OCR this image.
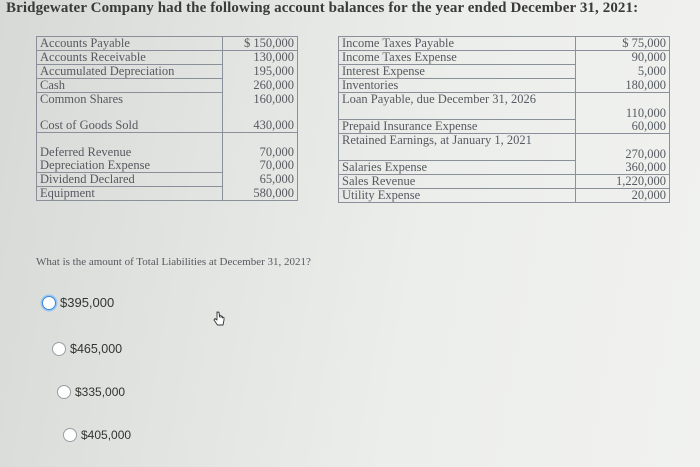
Bridgewater Company had the following account balances for the year ended December 31, 2021:
Accounts Payable	$ 150,000
Accounts Receivable	130,000
Accumulated Depreciation	195,000
Cash	260,000
Common Shares	160,000

Cost of Goods Sold	430,000

Deferred Revenue	70,000
Depreciation Expense	70,000
Dividend Declared	65,000
Equipment	580,000
Income Taxes Payable	$ 75,000
Income Taxes Expense	90,000
Interest Expense	5,000
Inventories	180,000
Loan Payable, due December 31, 2026	110,000
Prepaid Insurance Expense	60,000
Retained Earnings, at January 1, 2021	270,000
Salaries Expense	360,000
Sales Revenue	1,220,000
Utility Expense	20,000
What is the amount of Total Liabilities at December 31, 2021?
$395,000
$465,000
$335,000
$405,000
